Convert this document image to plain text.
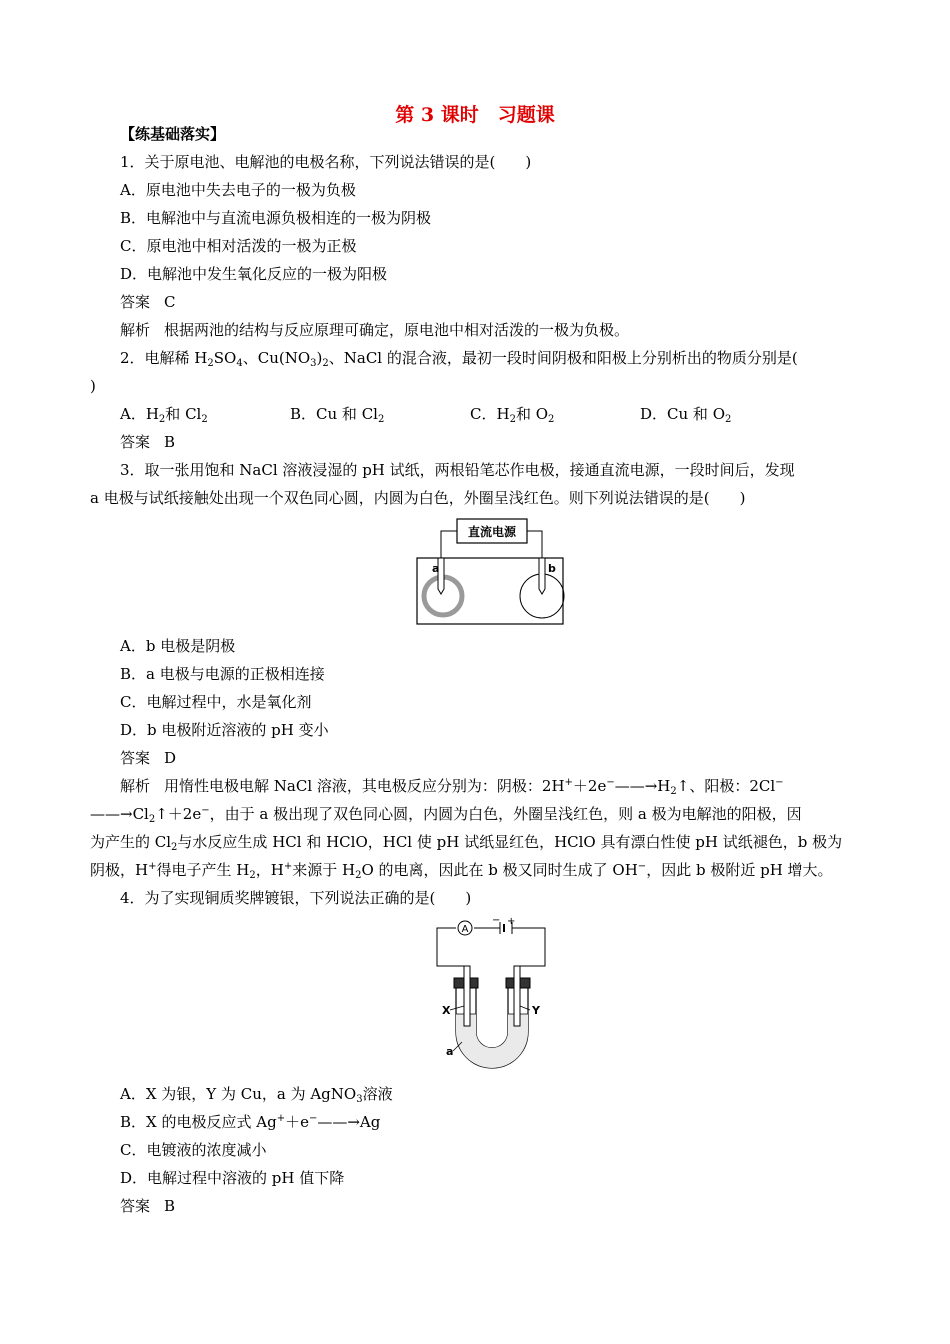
第 3 课时　习题课
【练基础落实】
1．关于原电池、电解池的电极名称，下列说法错误的是(　　)
A．原电池中失去电子的一极为负极
B．电解池中与直流电源负极相连的一极为阴极
C．原电池中相对活泼的一极为正极
D．电解池中发生氧化反应的一极为阳极
答案 C
解析 根据两池的结构与反应原理可确定，原电池中相对活泼的一极为负极。
2．电解稀 $H_2SO_4$、$Cu(NO_3)_2$、NaCl 的混合液，最初一段时间阴极和阳极上分别析出的物质分别是(
)
A．$H_2$和 $Cl_2$	B．Cu 和 $Cl_2$	C．$H_2$和 $O_2$	D．Cu 和 $O_2$
答案 B
3．取一张用饱和 NaCl 溶液浸湿的 pH 试纸，两根铅笔芯作电极，接通直流电源，一段时间后，发现
a 电极与试纸接触处出现一个双色同心圆，内圆为白色，外圈呈浅红色。则下列说法错误的是(　　)
直流电源
a	b
A．b 电极是阴极
B．a 电极与电源的正极相连接
C．电解过程中，水是氧化剂
D．b 电极附近溶液的 pH 变小
答案 D
解析 用惰性电极电解 NaCl 溶液，其电极反应分别为：阴极：$2H^++2e^-——\to H_2↑$、阳极：2Cl−
$——\to Cl_2↑+2e^-$，由于 a 极出现了双色同心圆，内圆为白色，外圈呈浅红色，则 a 极为电解池的阳极，因
为产生的 $Cl_2$与水反应生成 HCl 和 HClO，HCl 使 pH 试纸显红色，HClO 具有漂白性使 pH 试纸褪色，b 极为
阴极，H+得电子产生 $H_2$，H+来源于 $H_2O$ 的电离，因此在 b 极又同时生成了 OH−，因此 b 极附近 pH 增大。
4．为了实现铜质奖牌镀银，下列说法正确的是(　　)
A
− +
X	Y
a
A．X 为银，Y 为 Cu，a 为 AgNO$_3$溶液
B．X 的电极反应式 Ag+＋e−——→Ag
C．电镀液的浓度减小
D．电解过程中溶液的 pH 值下降
答案 B
